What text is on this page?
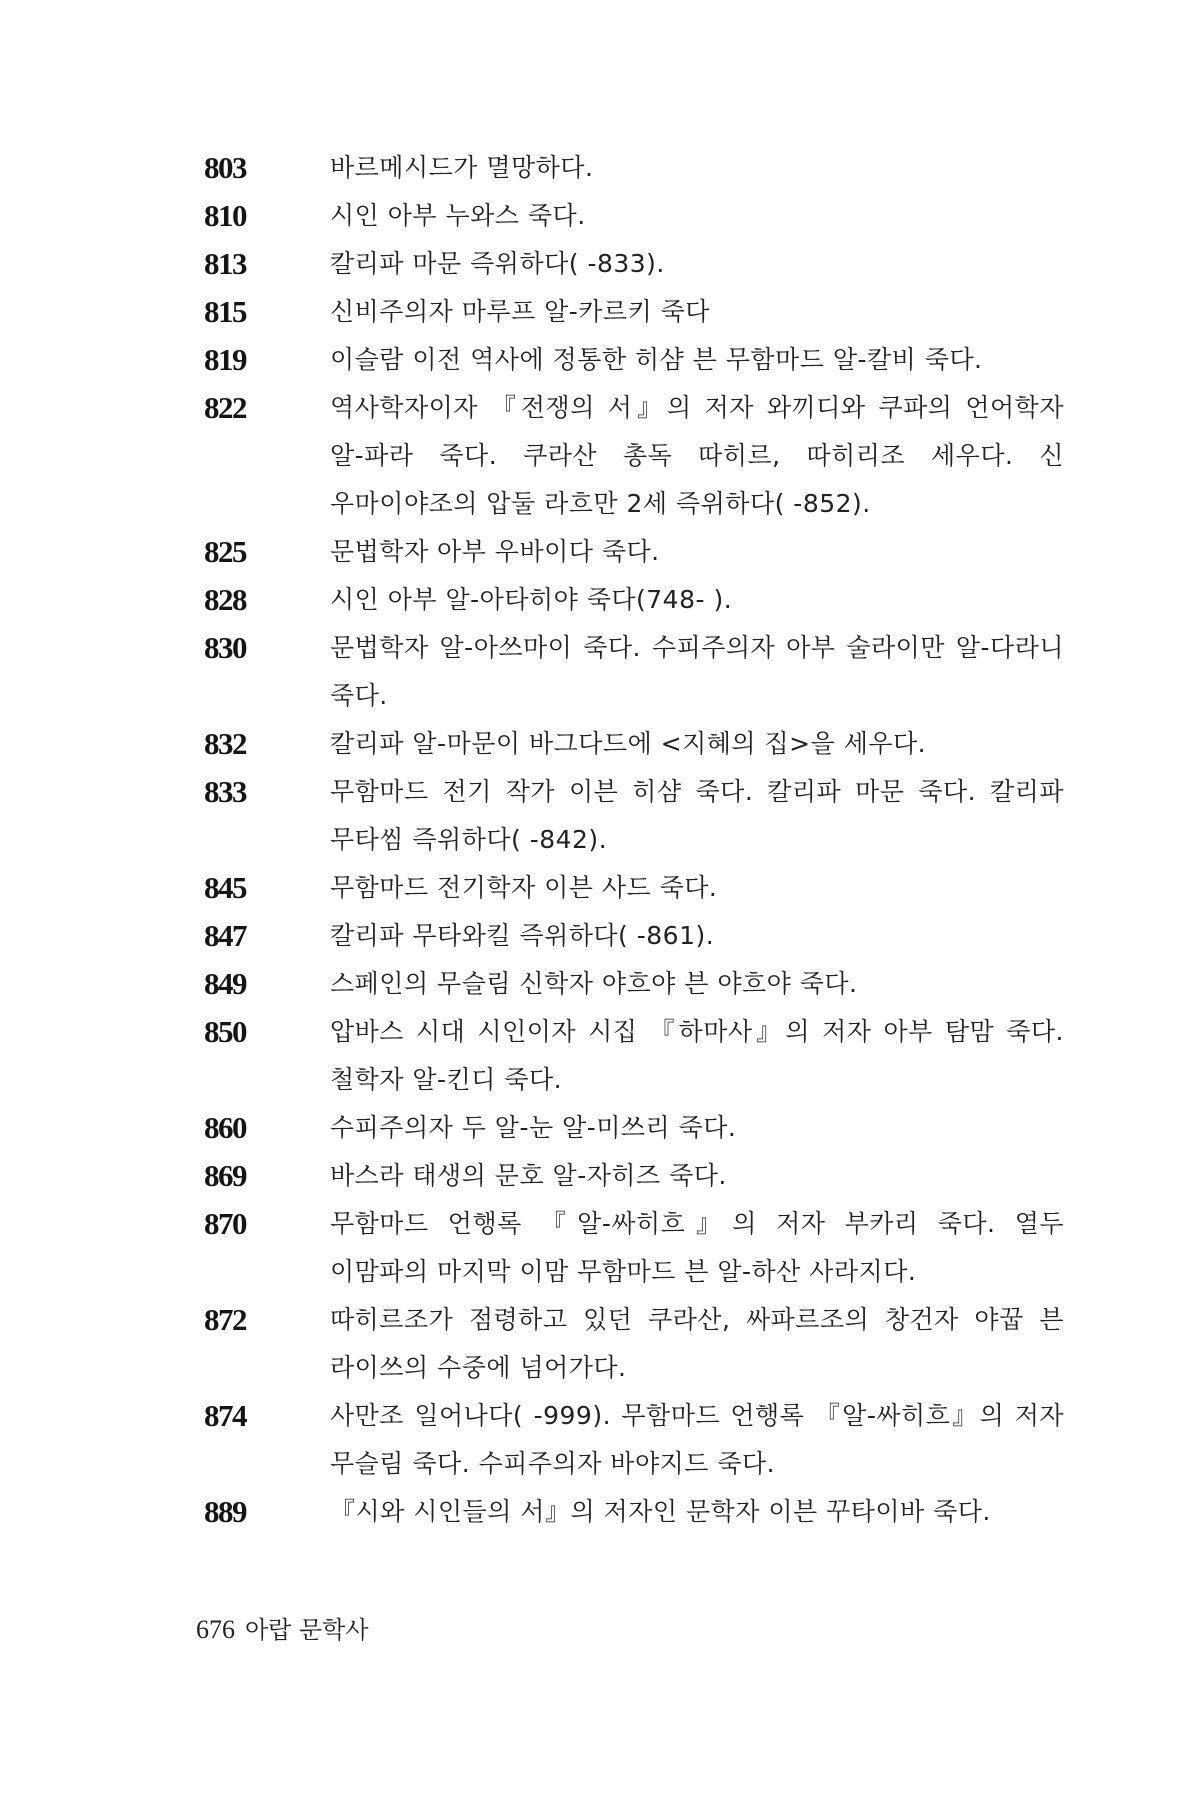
803	바르메시드가 멸망하다.
810	시인 아부 누와스 죽다.
813	칼리파 마문 즉위하다( -833).
815	신비주의자 마루프 알-카르키 죽다
819	이슬람 이전 역사에 정통한 히샴 븐 무함마드 알-칼비 죽다.
822	역사학자이자 『전쟁의 서』의 저자 와끼디와 쿠파의 언어학자 알-파라 죽다. 쿠라산 총독 따히르, 따히리조 세우다. 신 우마이야조의 압둘 라흐만 2세 즉위하다( -852).
825	문법학자 아부 우바이다 죽다.
828	시인 아부 알-아타히야 죽다(748- ).
830	문법학자 알-아쓰마이 죽다. 수피주의자 아부 술라이만 알-다라니 죽다.
832	칼리파 알-마문이 바그다드에 <지혜의 집>을 세우다.
833	무함마드 전기 작가 이븐 히샴 죽다. 칼리파 마문 죽다. 칼리파 무타씸 즉위하다( -842).
845	무함마드 전기학자 이븐 사드 죽다.
847	칼리파 무타와킬 즉위하다( -861).
849	스페인의 무슬림 신학자 야흐야 븐 야흐야 죽다.
850	압바스 시대 시인이자 시집 『하마사』의 저자 아부 탐맘 죽다. 철학자 알-킨디 죽다.
860	수피주의자 두 알-눈 알-미쓰리 죽다.
869	바스라 태생의 문호 알-자히즈 죽다.
870	무함마드 언행록 『알-싸히흐』의 저자 부카리 죽다. 열두 이맘파의 마지막 이맘 무함마드 븐 알-하산 사라지다.
872	따히르조가 점령하고 있던 쿠라산, 싸파르조의 창건자 야꿉 븐 라이쓰의 수중에 넘어가다.
874	사만조 일어나다( -999). 무함마드 언행록 『알-싸히흐』의 저자 무슬림 죽다. 수피주의자 바야지드 죽다.
889	『시와 시인들의 서』의 저자인 문학자 이븐 꾸타이바 죽다.
676 아랍 문학사
